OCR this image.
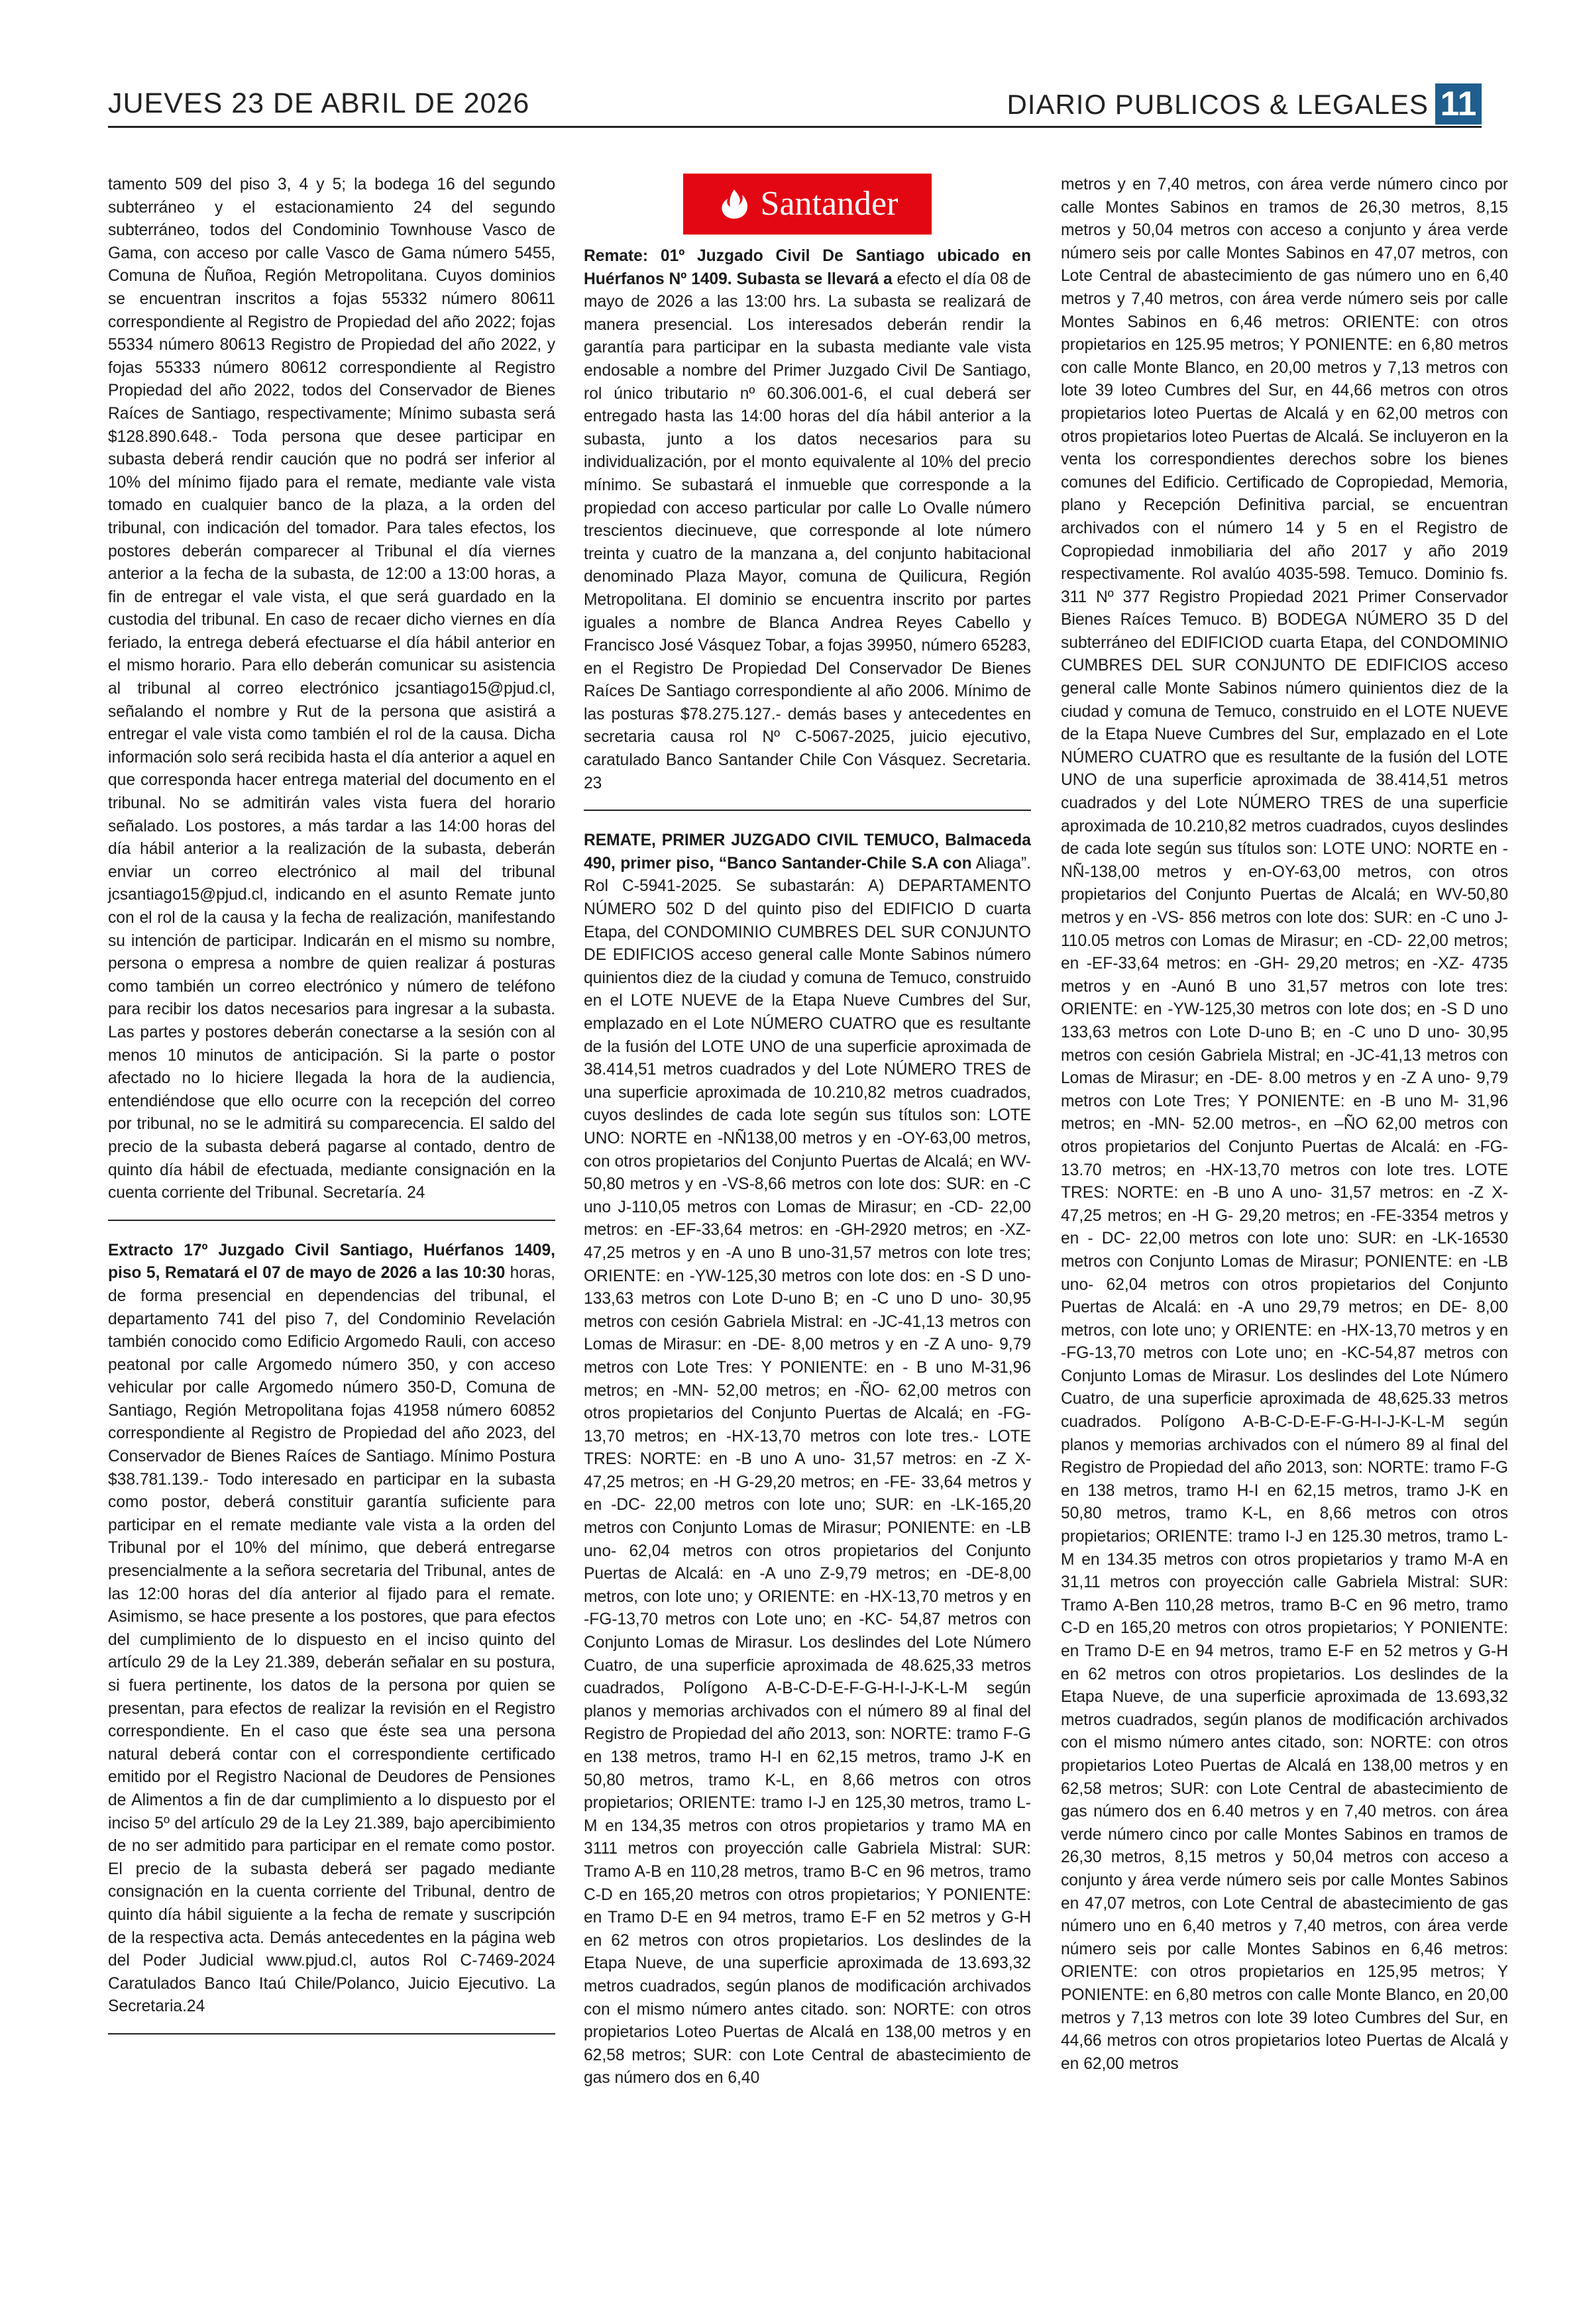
JUEVES 23 DE ABRIL DE 2026	DIARIO PUBLICOS & LEGALES 11

tamento 509 del piso 3, 4 y 5; la bodega 16 del segundo subterráneo y el estacionamiento 24 del segundo subterráneo, todos del Condominio Townhouse Vasco de Gama, con acceso por calle Vasco de Gama número 5455, Comuna de Ñuñoa, Región Metropolitana. Cuyos dominios se encuentran inscritos a fojas 55332 número 80611 correspondiente al Registro de Propiedad del año 2022; fojas 55334 número 80613 Registro de Propiedad del año 2022, y fojas 55333 número 80612 correspondiente al Registro Propiedad del año 2022, todos del Conservador de Bienes Raíces de Santiago, respectivamente; Mínimo subasta será $128.890.648.- Toda persona que desee participar en subasta deberá rendir caución que no podrá ser inferior al 10% del mínimo fijado para el remate, mediante vale vista tomado en cualquier banco de la plaza, a la orden del tribunal, con indicación del tomador. Para tales efectos, los postores deberán comparecer al Tribunal el día viernes anterior a la fecha de la subasta, de 12:00 a 13:00 horas, a fin de entregar el vale vista, el que será guardado en la custodia del tribunal. En caso de recaer dicho viernes en día feriado, la entrega deberá efectuarse el día hábil anterior en el mismo horario. Para ello deberán comunicar su asistencia al tribunal al correo electrónico jcsantiago15@pjud.cl, señalando el nombre y Rut de la persona que asistirá a entregar el vale vista como también el rol de la causa. Dicha información solo será recibida hasta el día anterior a aquel en que corresponda hacer entrega material del documento en el tribunal. No se admitirán vales vista fuera del horario señalado. Los postores, a más tardar a las 14:00 horas del día hábil anterior a la realización de la subasta, deberán enviar un correo electrónico al mail del tribunal jcsantiago15@pjud.cl, indicando en el asunto Remate junto con el rol de la causa y la fecha de realización, manifestando su intención de participar. Indicarán en el mismo su nombre, persona o empresa a nombre de quien realizar á posturas como también un correo electrónico y número de teléfono para recibir los datos necesarios para ingresar a la subasta. Las partes y postores deberán conectarse a la sesión con al menos 10 minutos de anticipación. Si la parte o postor afectado no lo hiciere llegada la hora de la audiencia, entendiéndose que ello ocurre con la recepción del correo por tribunal, no se le admitirá su comparecencia. El saldo del precio de la subasta deberá pagarse al contado, dentro de quinto día hábil de efectuada, mediante consignación en la cuenta corriente del Tribunal. Secretaría. 24

Extracto 17º Juzgado Civil Santiago, Huérfanos 1409, piso 5, Rematará el 07 de mayo de 2026 a las 10:30 horas, de forma presencial en dependencias del tribunal, el departamento 741 del piso 7, del Condominio Revelación también conocido como Edificio Argomedo Rauli, con acceso peatonal por calle Argomedo número 350, y con acceso vehicular por calle Argomedo número 350-D, Comuna de Santiago, Región Metropolitana fojas 41958 número 60852 correspondiente al Registro de Propiedad del año 2023, del Conservador de Bienes Raíces de Santiago. Mínimo Postura $38.781.139.- Todo interesado en participar en la subasta como postor, deberá constituir garantía suficiente para participar en el remate mediante vale vista a la orden del Tribunal por el 10% del mínimo, que deberá entregarse presencialmente a la señora secretaria del Tribunal, antes de las 12:00 horas del día anterior al fijado para el remate. Asimismo, se hace presente a los postores, que para efectos del cumplimiento de lo dispuesto en el inciso quinto del artículo 29 de la Ley 21.389, deberán señalar en su postura, si fuera pertinente, los datos de la persona por quien se presentan, para efectos de realizar la revisión en el Registro correspondiente. En el caso que éste sea una persona natural deberá contar con el correspondiente certificado emitido por el Registro Nacional de Deudores de Pensiones de Alimentos a fin de dar cumplimiento a lo dispuesto por el inciso 5º del artículo 29 de la Ley 21.389, bajo apercibimiento de no ser admitido para participar en el remate como postor. El precio de la subasta deberá ser pagado mediante consignación en la cuenta corriente del Tribunal, dentro de quinto día hábil siguiente a la fecha de remate y suscripción de la respectiva acta. Demás antecedentes en la página web del Poder Judicial www.pjud.cl, autos Rol C-7469-2024 Caratulados Banco Itaú Chile/Polanco, Juicio Ejecutivo. La Secretaria.24

Santander

Remate: 01º Juzgado Civil De Santiago ubicado en Huérfanos Nº 1409. Subasta se llevará a efecto el día 08 de mayo de 2026 a las 13:00 hrs. La subasta se realizará de manera presencial. Los interesados deberán rendir la garantía para participar en la subasta mediante vale vista endosable a nombre del Primer Juzgado Civil De Santiago, rol único tributario nº 60.306.001-6, el cual deberá ser entregado hasta las 14:00 horas del día hábil anterior a la subasta, junto a los datos necesarios para su individualización, por el monto equivalente al 10% del precio mínimo. Se subastará el inmueble que corresponde a la propiedad con acceso particular por calle Lo Ovalle número trescientos diecinueve, que corresponde al lote número treinta y cuatro de la manzana a, del conjunto habitacional denominado Plaza Mayor, comuna de Quilicura, Región Metropolitana. El dominio se encuentra inscrito por partes iguales a nombre de Blanca Andrea Reyes Cabello y Francisco José Vásquez Tobar, a fojas 39950, número 65283, en el Registro De Propiedad Del Conservador De Bienes Raíces De Santiago correspondiente al año 2006. Mínimo de las posturas $78.275.127.- demás bases y antecedentes en secretaria causa rol Nº C-5067-2025, juicio ejecutivo, caratulado Banco Santander Chile Con Vásquez. Secretaria. 23

REMATE, PRIMER JUZGADO CIVIL TEMUCO, Balmaceda 490, primer piso, “Banco Santander-Chile S.A con Aliaga”. Rol C-5941-2025. Se subastarán: A) DEPARTAMENTO NÚMERO 502 D del quinto piso del EDIFICIO D cuarta Etapa, del CONDOMINIO CUMBRES DEL SUR CONJUNTO DE EDIFICIOS acceso general calle Monte Sabinos número quinientos diez de la ciudad y comuna de Temuco, construido en el LOTE NUEVE de la Etapa Nueve Cumbres del Sur, emplazado en el Lote NÚMERO CUATRO que es resultante de la fusión del LOTE UNO de una superficie aproximada de 38.414,51 metros cuadrados y del Lote NÚMERO TRES de una superficie aproximada de 10.210,82 metros cuadrados, cuyos deslindes de cada lote según sus títulos son: LOTE UNO: NORTE en -NÑ138,00 metros y en -OY-63,00 metros, con otros propietarios del Conjunto Puertas de Alcalá; en WV-50,80 metros y en -VS-8,66 metros con lote dos: SUR: en -C uno J-110,05 metros con Lomas de Mirasur; en -CD- 22,00 metros: en -EF-33,64 metros: en -GH-2920 metros; en -XZ- 47,25 metros y en -A uno B uno-31,57 metros con lote tres; ORIENTE: en -YW-125,30 metros con lote dos: en -S D uno-133,63 metros con Lote D-uno B; en -C uno D uno- 30,95 metros con cesión Gabriela Mistral: en -JC-41,13 metros con Lomas de Mirasur: en -DE- 8,00 metros y en -Z A uno- 9,79 metros con Lote Tres: Y PONIENTE: en - B uno M-31,96 metros; en -MN- 52,00 metros; en -ÑO- 62,00 metros con otros propietarios del Conjunto Puertas de Alcalá; en -FG-13,70 metros; en -HX-13,70 metros con lote tres.- LOTE TRES: NORTE: en -B uno A uno- 31,57 metros: en -Z X- 47,25 metros; en -H G-29,20 metros; en -FE- 33,64 metros y en -DC- 22,00 metros con lote uno; SUR: en -LK-165,20 metros con Conjunto Lomas de Mirasur; PONIENTE: en -LB uno- 62,04 metros con otros propietarios del Conjunto Puertas de Alcalá: en -A uno Z-9,79 metros; en -DE-8,00 metros, con lote uno; y ORIENTE: en -HX-13,70 metros y en -FG-13,70 metros con Lote uno; en -KC- 54,87 metros con Conjunto Lomas de Mirasur. Los deslindes del Lote Número Cuatro, de una superficie aproximada de 48.625,33 metros cuadrados, Polígono A-B-C-D-E-F-G-H-I-J-K-L-M según planos y memorias archivados con el número 89 al final del Registro de Propiedad del año 2013, son: NORTE: tramo F-G en 138 metros, tramo H-I en 62,15 metros, tramo J-K en 50,80 metros, tramo K-L, en 8,66 metros con otros propietarios; ORIENTE: tramo I-J en 125,30 metros, tramo L-M en 134,35 metros con otros propietarios y tramo MA en 3111 metros con proyección calle Gabriela Mistral: SUR: Tramo A-B en 110,28 metros, tramo B-C en 96 metros, tramo C-D en 165,20 metros con otros propietarios; Y PONIENTE: en Tramo D-E en 94 metros, tramo E-F en 52 metros y G-H en 62 metros con otros propietarios. Los deslindes de la Etapa Nueve, de una superficie aproximada de 13.693,32 metros cuadrados, según planos de modificación archivados con el mismo número antes citado. son: NORTE: con otros propietarios Loteo Puertas de Alcalá en 138,00 metros y en 62,58 metros; SUR: con Lote Central de abastecimiento de gas número dos en 6,40

metros y en 7,40 metros, con área verde número cinco por calle Montes Sabinos en tramos de 26,30 metros, 8,15 metros y 50,04 metros con acceso a conjunto y área verde número seis por calle Montes Sabinos en 47,07 metros, con Lote Central de abastecimiento de gas número uno en 6,40 metros y 7,40 metros, con área verde número seis por calle Montes Sabinos en 6,46 metros: ORIENTE: con otros propietarios en 125.95 metros; Y PONIENTE: en 6,80 metros con calle Monte Blanco, en 20,00 metros y 7,13 metros con lote 39 loteo Cumbres del Sur, en 44,66 metros con otros propietarios loteo Puertas de Alcalá y en 62,00 metros con otros propietarios loteo Puertas de Alcalá. Se incluyeron en la venta los correspondientes derechos sobre los bienes comunes del Edificio. Certificado de Copropiedad, Memoria, plano y Recepción Definitiva parcial, se encuentran archivados con el número 14 y 5 en el Registro de Copropiedad inmobiliaria del año 2017 y año 2019 respectivamente. Rol avalúo 4035-598. Temuco. Dominio fs. 311 Nº 377 Registro Propiedad 2021 Primer Conservador Bienes Raíces Temuco. B) BODEGA NÚMERO 35 D del subterráneo del EDIFICIOD cuarta Etapa, del CONDOMINIO CUMBRES DEL SUR CONJUNTO DE EDIFICIOS acceso general calle Monte Sabinos número quinientos diez de la ciudad y comuna de Temuco, construido en el LOTE NUEVE de la Etapa Nueve Cumbres del Sur, emplazado en el Lote NÚMERO CUATRO que es resultante de la fusión del LOTE UNO de una superficie aproximada de 38.414,51 metros cuadrados y del Lote NÚMERO TRES de una superficie aproximada de 10.210,82 metros cuadrados, cuyos deslindes de cada lote según sus títulos son: LOTE UNO: NORTE en -NÑ-138,00 metros y en-OY-63,00 metros, con otros propietarios del Conjunto Puertas de Alcalá; en WV-50,80 metros y en -VS- 856 metros con lote dos: SUR: en -C uno J-110.05 metros con Lomas de Mirasur; en -CD- 22,00 metros; en -EF-33,64 metros: en -GH- 29,20 metros; en -XZ- 4735 metros y en -Aunó B uno 31,57 metros con lote tres: ORIENTE: en -YW-125,30 metros con lote dos; en -S D uno 133,63 metros con Lote D-uno B; en -C uno D uno- 30,95 metros con cesión Gabriela Mistral; en -JC-41,13 metros con Lomas de Mirasur; en -DE- 8.00 metros y en -Z A uno- 9,79 metros con Lote Tres; Y PONIENTE: en -B uno M- 31,96 metros; en -MN- 52.00 metros-, en –ÑO 62,00 metros con otros propietarios del Conjunto Puertas de Alcalá: en -FG-13.70 metros; en -HX-13,70 metros con lote tres. LOTE TRES: NORTE: en -B uno A uno- 31,57 metros: en -Z X- 47,25 metros; en -H G- 29,20 metros; en -FE-3354 metros y en - DC- 22,00 metros con lote uno: SUR: en -LK-16530 metros con Conjunto Lomas de Mirasur; PONIENTE: en -LB uno- 62,04 metros con otros propietarios del Conjunto Puertas de Alcalá: en -A uno 29,79 metros; en DE- 8,00 metros, con lote uno; y ORIENTE: en -HX-13,70 metros y en -FG-13,70 metros con Lote uno; en -KC-54,87 metros con Conjunto Lomas de Mirasur. Los deslindes del Lote Número Cuatro, de una superficie aproximada de 48,625.33 metros cuadrados. Polígono A-B-C-D-E-F-G-H-I-J-K-L-M según planos y memorias archivados con el número 89 al final del Registro de Propiedad del año 2013, son: NORTE: tramo F-G en 138 metros, tramo H-I en 62,15 metros, tramo J-K en 50,80 metros, tramo K-L, en 8,66 metros con otros propietarios; ORIENTE: tramo I-J en 125.30 metros, tramo L-M en 134.35 metros con otros propietarios y tramo M-A en 31,11 metros con proyección calle Gabriela Mistral: SUR: Tramo A-Ben 110,28 metros, tramo B-C en 96 metro, tramo C-D en 165,20 metros con otros propietarios; Y PONIENTE: en Tramo D-E en 94 metros, tramo E-F en 52 metros y G-H en 62 metros con otros propietarios. Los deslindes de la Etapa Nueve, de una superficie aproximada de 13.693,32 metros cuadrados, según planos de modificación archivados con el mismo número antes citado, son: NORTE: con otros propietarios Loteo Puertas de Alcalá en 138,00 metros y en 62,58 metros; SUR: con Lote Central de abastecimiento de gas número dos en 6.40 metros y en 7,40 metros. con área verde número cinco por calle Montes Sabinos en tramos de 26,30 metros, 8,15 metros y 50,04 metros con acceso a conjunto y área verde número seis por calle Montes Sabinos en 47,07 metros, con Lote Central de abastecimiento de gas número uno en 6,40 metros y 7,40 metros, con área verde número seis por calle Montes Sabinos en 6,46 metros: ORIENTE: con otros propietarios en 125,95 metros; Y PONIENTE: en 6,80 metros con calle Monte Blanco, en 20,00 metros y 7,13 metros con lote 39 loteo Cumbres del Sur, en 44,66 metros con otros propietarios loteo Puertas de Alcalá y en 62,00 metros
